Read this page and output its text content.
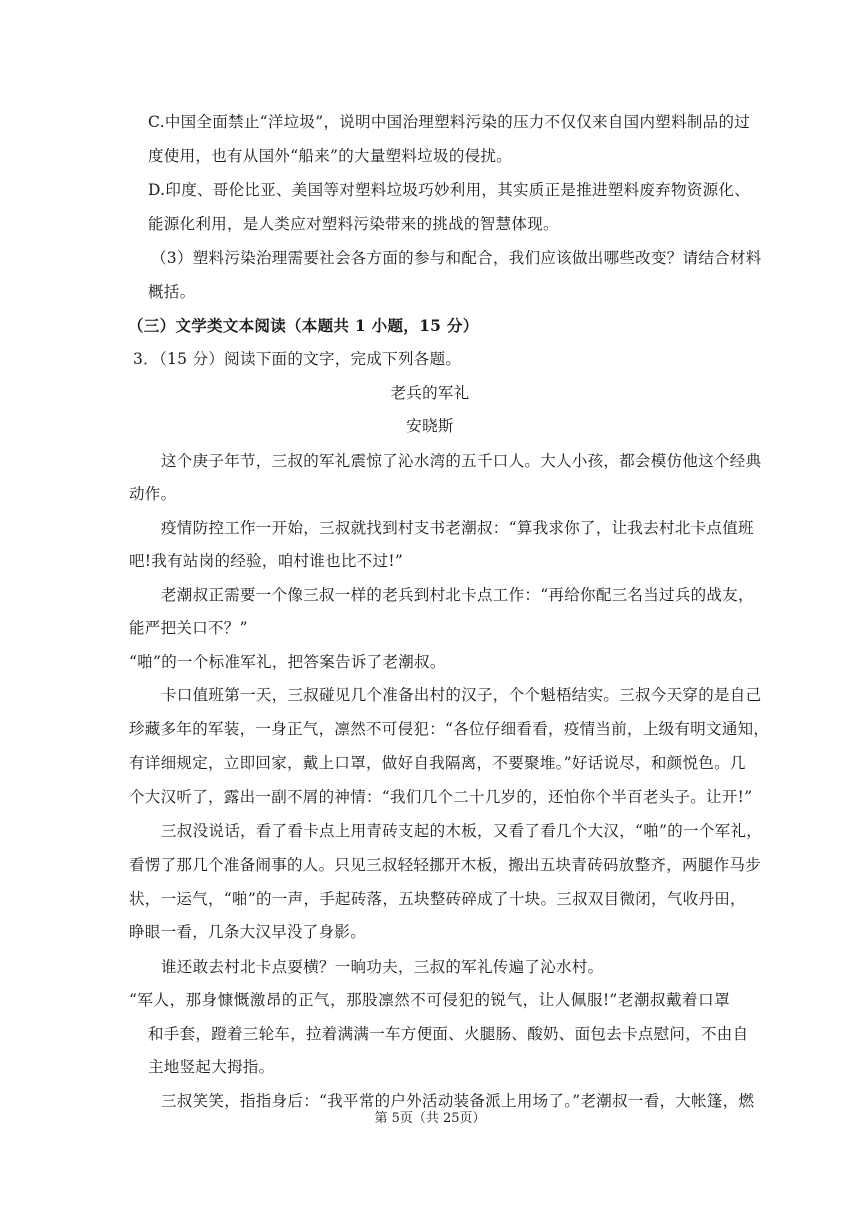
C.中国全面禁止“洋垃圾”，说明中国治理塑料污染的压力不仅仅来自国内塑料制品的过
度使用，也有从国外“船来”的大量塑料垃圾的侵扰。
D.印度、哥伦比亚、美国等对塑料垃圾巧妙利用，其实质正是推进塑料废弃物资源化、
能源化利用，是人类应对塑料污染带来的挑战的智慧体现。
（3）塑料污染治理需要社会各方面的参与和配合，我们应该做出哪些改变？请结合材料
概括。
（三）文学类文本阅读（本题共 1 小题，15 分）
3．（15 分）阅读下面的文字，完成下列各题。
老兵的军礼
安晓斯
这个庚子年节，三叔的军礼震惊了沁水湾的五千口人。大人小孩，都会模仿他这个经典
动作。
疫情防控工作一开始，三叔就找到村支书老潮叔：“算我求你了，让我去村北卡点值班
吧!我有站岗的经验，咱村谁也比不过!”
老潮叔正需要一个像三叔一样的老兵到村北卡点工作：“再给你配三名当过兵的战友，
能严把关口不？”
“啪”的一个标准军礼，把答案告诉了老潮叔。
卡口值班第一天，三叔碰见几个准备出村的汉子，个个魁梧结实。三叔今天穿的是自己
珍藏多年的军装，一身正气，凛然不可侵犯：“各位仔细看看，疫情当前，上级有明文通知，
有详细规定，立即回家，戴上口罩，做好自我隔离，不要聚堆。”好话说尽，和颜悦色。几
个大汉听了，露出一副不屑的神情：“我们几个二十几岁的，还怕你个半百老头子。让开!”
三叔没说话，看了看卡点上用青砖支起的木板，又看了看几个大汉，“啪”的一个军礼，
看愣了那几个准备闹事的人。只见三叔轻轻挪开木板，搬出五块青砖码放整齐，两腿作马步
状，一运气，“啪”的一声，手起砖落，五块整砖碎成了十块。三叔双目微闭，气收丹田，
睁眼一看，几条大汉早没了身影。
谁还敢去村北卡点耍横？一晌功夫，三叔的军礼传遍了沁水村。
“军人，那身慷慨激昂的正气，那股凛然不可侵犯的锐气，让人佩服!”老潮叔戴着口罩
和手套，蹬着三轮车，拉着满满一车方便面、火腿肠、酸奶、面包去卡点慰问，不由自
主地竖起大拇指。
三叔笑笑，指指身后：“我平常的户外活动装备派上用场了。”老潮叔一看，大帐篷，燃
第 5页（共 25页）
